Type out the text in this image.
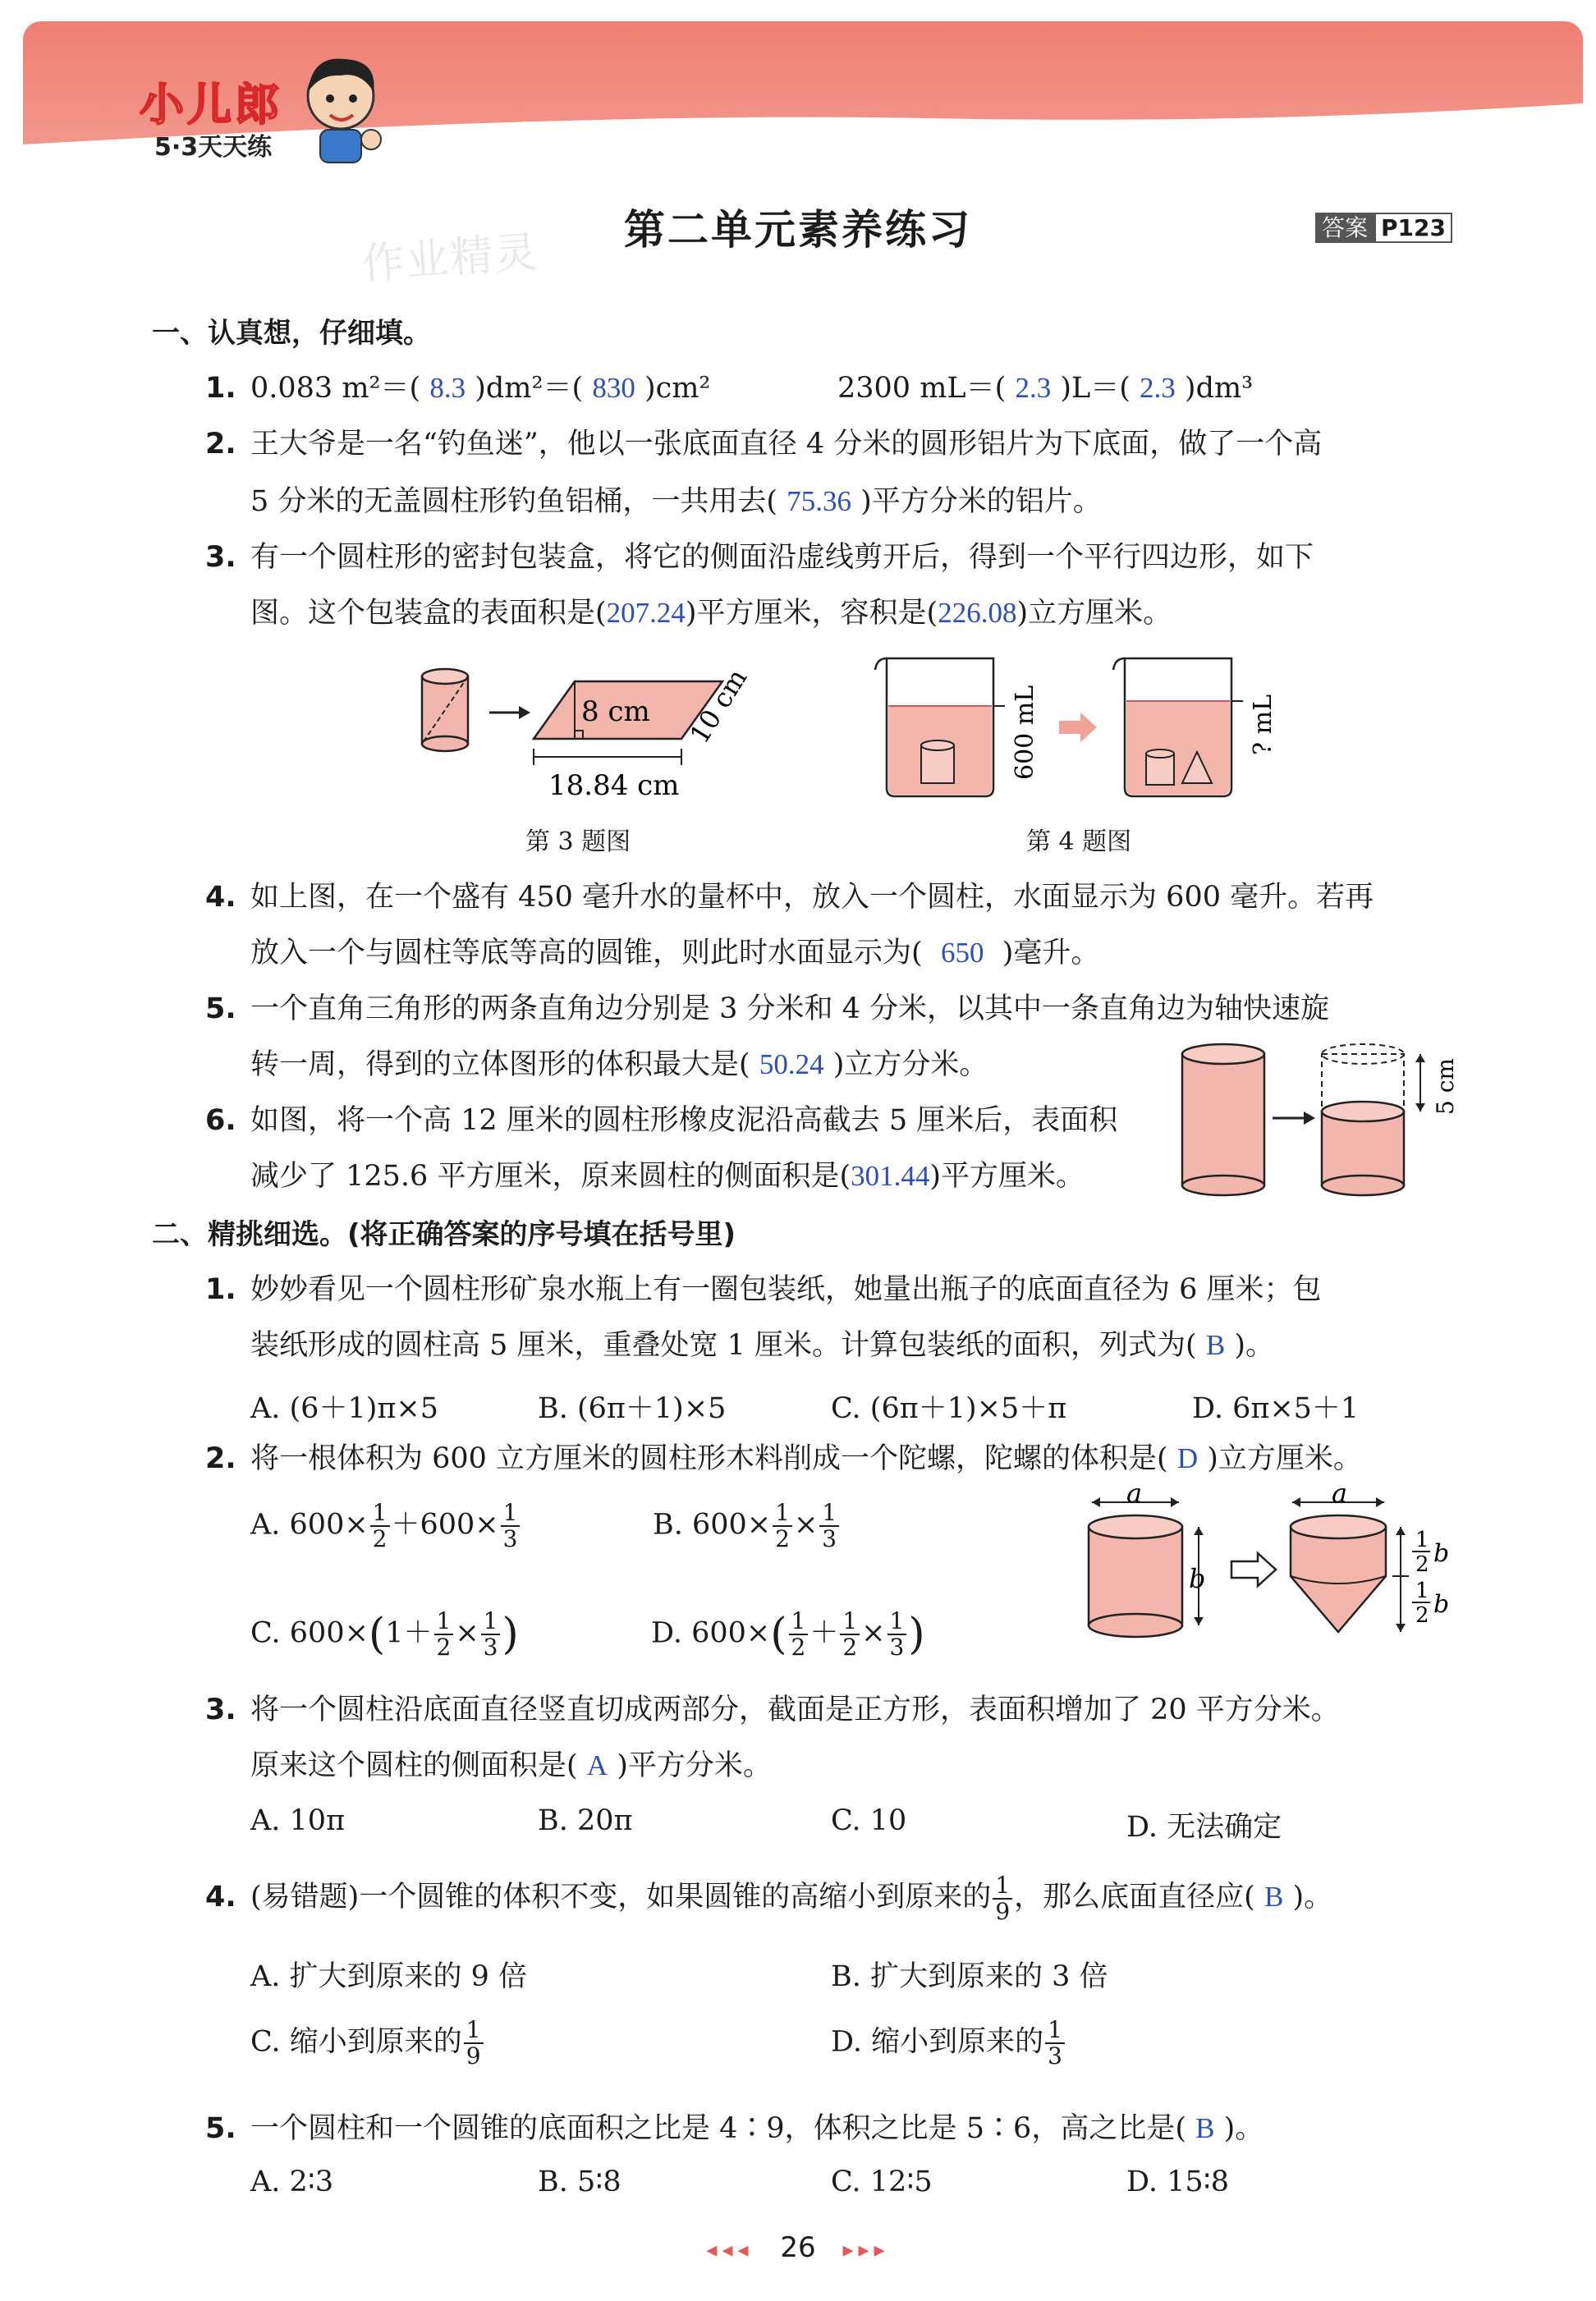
小儿郎
5·3天天练
作业精灵	第二单元素养练习	答案 P123
一、认真想，仔细填。
1. 0.083 m²＝( 8.3 )dm²＝( 830 )cm²	2300 mL＝( 2.3 )L＝( 2.3 )dm³
2. 王大爷是一名“钓鱼迷”，他以一张底面直径 4 分米的圆形铝片为下底面，做了一个高
5 分米的无盖圆柱形钓鱼铝桶，一共用去( 75.36 )平方分米的铝片。
3. 有一个圆柱形的密封包装盒，将它的侧面沿虚线剪开后，得到一个平行四边形，如下
图。这个包装盒的表面积是(207.24)平方厘米，容积是(226.08)立方厘米。
8 cm 10 cm
18.84 cm
第 3 题图
600 mL	? mL
第 4 题图
4. 如上图，在一个盛有 450 毫升水的量杯中，放入一个圆柱，水面显示为 600 毫升。若再
放入一个与圆柱等底等高的圆锥，则此时水面显示为( 650 )毫升。
5. 一个直角三角形的两条直角边分别是 3 分米和 4 分米，以其中一条直角边为轴快速旋
转一周，得到的立体图形的体积最大是( 50.24 )立方分米。
6. 如图，将一个高 12 厘米的圆柱形橡皮泥沿高截去 5 厘米后，表面积
减少了 125.6 平方厘米，原来圆柱的侧面积是(301.44)平方厘米。
5 cm
二、精挑细选。(将正确答案的序号填在括号里)
1. 妙妙看见一个圆柱形矿泉水瓶上有一圈包装纸，她量出瓶子的底面直径为 6 厘米；包
装纸形成的圆柱高 5 厘米，重叠处宽 1 厘米。计算包装纸的面积，列式为( B )。
A. (6＋1)π×5	B. (6π＋1)×5	C. (6π＋1)×5＋π	D. 6π×5＋1
2. 将一根体积为 600 立方厘米的圆柱形木料削成一个陀螺，陀螺的体积是( D )立方厘米。
A. $600\times \frac{1}{2} +600\times \frac{1}{3}$	B. $600\times \frac{1}{2} \times \frac{1}{3}$
C. $600\times(1+ \frac{1}{2} \times \frac{1}{3}$ )	D. $600\times( \frac{1}{2} + \frac{1}{2} \times \frac{1}{3}$ )
a
b
a
1
2 b
1
2 b
3. 将一个圆柱沿底面直径竖直切成两部分，截面是正方形，表面积增加了 20 平方分米。
原来这个圆柱的侧面积是( A )平方分米。
A. 10π	B. 20π	C. 10	D. 无法确定
4. (易错题)一个圆锥的体积不变，如果圆锥的高缩小到原来的 $\frac{1}{9}$ ，那么底面直径应( B )。
A. 扩大到原来的 9 倍	B. 扩大到原来的 3 倍
C. 缩小到原来的 $\frac{1}{9}$	D. 缩小到原来的 $\frac{1}{3}$
5. 一个圆柱和一个圆锥的底面积之比是 4∶9，体积之比是 5∶6，高之比是( B )。
A. 2∶3	B. 5∶8	C. 12∶5	D. 15∶8
◂◂◂ 26 ▸▸▸
